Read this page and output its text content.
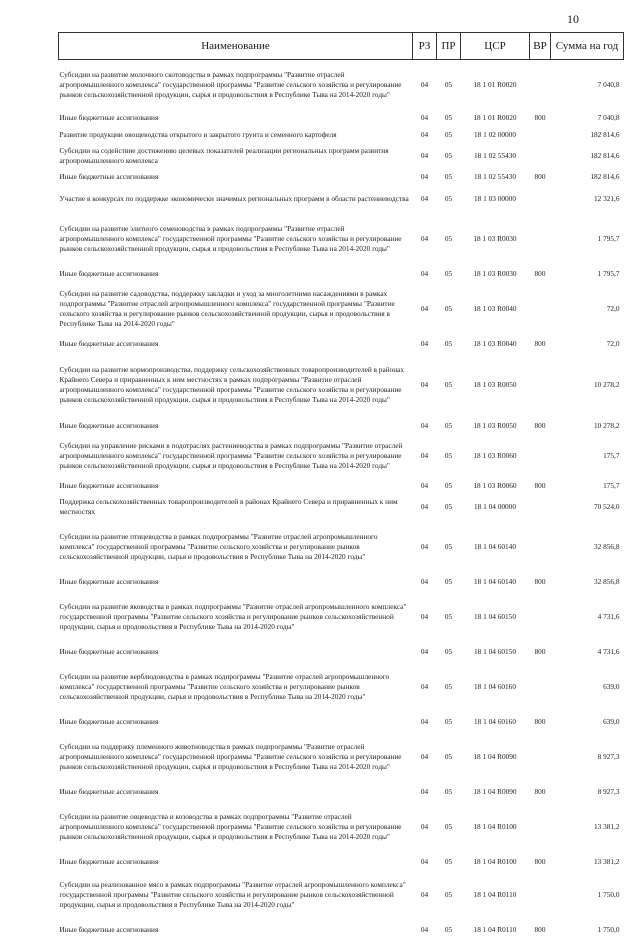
10
Наименование	РЗ	ПР	ЦСР	ВР	Сумма на год
Субсидии на развитие молочного скотоводства в рамках подпрограммы "Развитие отраслей агропромышленного комплекса" государственной программы "Развитие сельского хозяйства и регулирование рынков сельскохозяйственной продукции, сырья и продовольствия в Республике Тыва на 2014-2020 годы"	04	05	18 1 01 R0020		7 040,8
Иные бюджетные ассигнования	04	05	18 1 01 R0020	800	7 040,8
Развитие продукции овощеводства открытого и закрытого грунта и семенного картофеля	04	05	18 1 02 00000		182 814,6
Субсидии на содействие достижению целевых показателей реализации региональных программ развития агропромышленного комплекса	04	05	18 1 02 55430		182 814,6
Иные бюджетные ассигнования	04	05	18 1 02 55430	800	182 814,6
Участие в конкурсах по поддержке экономически значимых региональных программ в области растениеводства	04	05	18 1 03 00000		12 321,6
Субсидии на развитие элитного семеноводства в рамках подпрограммы "Развитие отраслей агропромышленного комплекса" государственной программы "Развитие сельского хозяйства и регулирование рынков сельскохозяйственной продукции, сырья и продовольствия в Республике Тыва на 2014-2020 годы"	04	05	18 1 03 R0030		1 795,7
Иные бюджетные ассигнования	04	05	18 1 03 R0030	800	1 795,7
Субсидии на развитие садоводства, поддержку закладки и уход за многолетними насаждениями в рамках подпрограммы "Развитие отраслей агропромышленного комплекса" государственной программы "Развитие сельского хозяйства и регулирование рынков сельскохозяйственной продукции, сырья и продовольствия в Республике Тыва на 2014-2020 годы"	04	05	18 1 03 R0040		72,0
Иные бюджетные ассигнования	04	05	18 1 03 R0040	800	72,0
Субсидии на развитие кормопроизводства, поддержку сельскохозяйственных товаропроизводителей в районах Крайнего Севера и приравненных к ним местностях в рамках подпрограммы "Развитие отраслей агропромышленного комплекса" государственной программы "Развитие сельского хозяйства и регулирование рынков сельскохозяйственной продукции, сырья и продовольствия в Республике Тыва на 2014-2020 годы"	04	05	18 1 03 R0050		10 278,2
Иные бюджетные ассигнования	04	05	18 1 03 R0050	800	10 278,2
Субсидии на управление рисками в подотраслях растениеводства в рамках подпрограммы "Развитие отраслей агропромышленного комплекса" государственной программы "Развитие сельского хозяйства и регулирование рынков сельскохозяйственной продукции, сырья и продовольствия в Республике Тыва на 2014-2020 годы"	04	05	18 1 03 R0060		175,7
Иные бюджетные ассигнования	04	05	18 1 03 R0060	800	175,7
Поддержка сельскохозяйственных товаропроизводителей в районах Крайнего Севера и приравненных к ним местностях	04	05	18 1 04 00000		70 524,0
Субсидии на развитие птицеводства в рамках подпрограммы "Развитие отраслей агропромышленного комплекса" государственной программы "Развитие сельского хозяйства и регулирование рынков сельскохозяйственной продукции, сырья и продовольствия в Республике Тыва на 2014-2020 годы"	04	05	18 1 04 60140		32 856,8
Иные бюджетные ассигнования	04	05	18 1 04 60140	800	32 856,8
Субсидии на развитие яководства в рамках подпрограммы "Развитие отраслей агропромышленного комплекса" государственной программы "Развитие сельского хозяйства и регулирование рынков сельскохозяйственной продукции, сырья и продовольствия в Республике Тыва на 2014-2020 годы"	04	05	18 1 04 60150		4 731,6
Иные бюджетные ассигнования	04	05	18 1 04 60150	800	4 731,6
Субсидии на развитие верблюдоводства в рамках подпрограммы "Развитие отраслей агропромышленного комплекса" государственной программы "Развитие сельского хозяйства и регулирование рынков сельскохозяйственной продукции, сырья и продовольствия в Республике Тыва на 2014-2020 годы"	04	05	18 1 04 60160		639,0
Иные бюджетные ассигнования	04	05	18 1 04 60160	800	639,0
Субсидии на поддержку племенного животноводства в рамках подпрограммы "Развитие отраслей агропромышленного комплекса" государственной программы "Развитие сельского хозяйства и регулирование рынков сельскохозяйственной продукции, сырья и продовольствия в Республике Тыва на 2014-2020 годы"	04	05	18 1 04 R0090		8 927,3
Иные бюджетные ассигнования	04	05	18 1 04 R0090	800	8 927,3
Субсидии на развитие овцеводства и козоводства в рамках подпрограммы "Развитие отраслей агропромышленного комплекса" государственной программы "Развитие сельского хозяйства и регулирование рынков сельскохозяйственной продукции, сырья и продовольствия в Республике Тыва на 2014-2020 годы"	04	05	18 1 04 R0100		13 381,2
Иные бюджетные ассигнования	04	05	18 1 04 R0100	800	13 381,2
Субсидии на реализованное мясо в рамках подпрограммы "Развитие отраслей агропромышленного комплекса" государственной программы "Развитие сельского хозяйства и регулирование рынков сельскохозяйственной продукции, сырья и продовольствия в Республике Тыва на 2014-2020 годы"	04	05	18 1 04 R0110		1 750,0
Иные бюджетные ассигнования	04	05	18 1 04 R0110	800	1 750,0
